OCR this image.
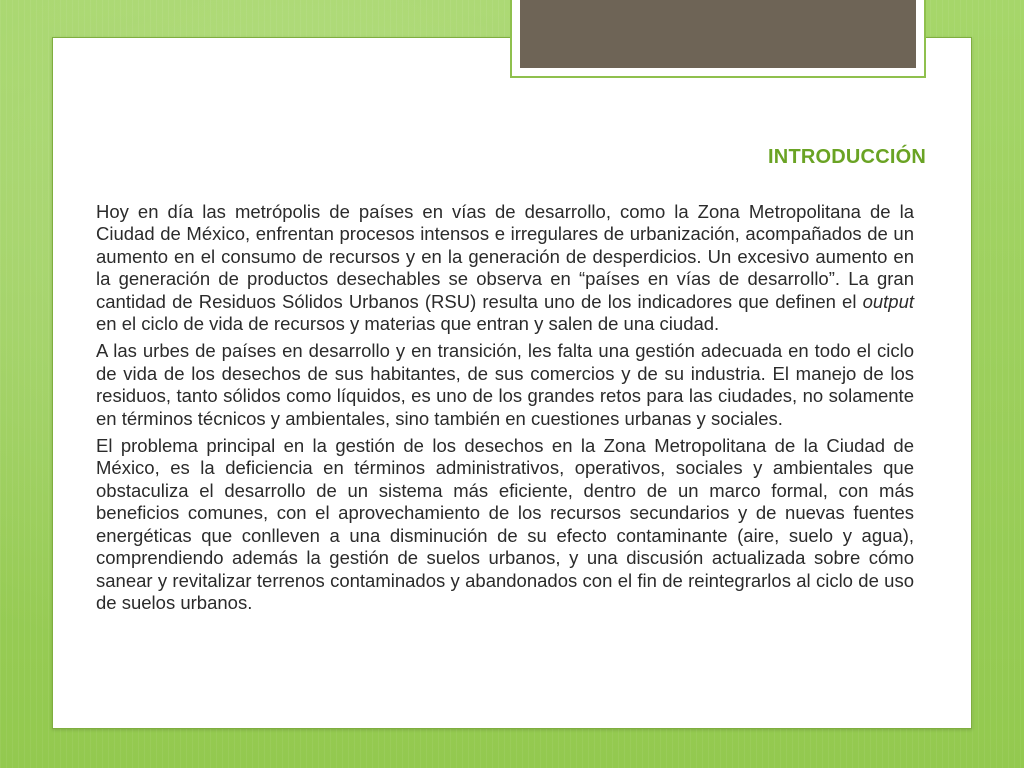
INTRODUCCIÓN

Hoy en día las metrópolis de países en vías de desarrollo, como la Zona Metropolitana de la Ciudad de México, enfrentan procesos intensos e irregulares de urbanización, acompañados de un aumento en el consumo de recursos y en la generación de desperdicios. Un excesivo aumento en la generación de productos desechables se observa en “países en vías de desarrollo”. La gran cantidad de Residuos Sólidos Urbanos (RSU) resulta uno de los indicadores que definen el output en el ciclo de vida de recursos y materias que entran y salen de una ciudad.

A las urbes de países en desarrollo y en transición, les falta una gestión adecuada en todo el ciclo de vida de los desechos de sus habitantes, de sus comercios y de su industria. El manejo de los residuos, tanto sólidos como líquidos, es uno de los grandes retos para las ciudades, no solamente en términos técnicos y ambientales, sino también en cuestiones urbanas y sociales.

El problema principal en la gestión de los desechos en la Zona Metropolitana de la Ciudad de México, es la deficiencia en términos administrativos, operativos, sociales y ambientales que obstaculiza el desarrollo de un sistema más eficiente, dentro de un marco formal, con más beneficios comunes, con el aprovechamiento de los recursos secundarios y de nuevas fuentes energéticas que conlleven a una disminución de su efecto contaminante (aire, suelo y agua), comprendiendo además la gestión de suelos urbanos, y una discusión actualizada sobre cómo sanear y revitalizar terrenos contaminados y abandonados con el fin de reintegrarlos al ciclo de uso de suelos urbanos.
